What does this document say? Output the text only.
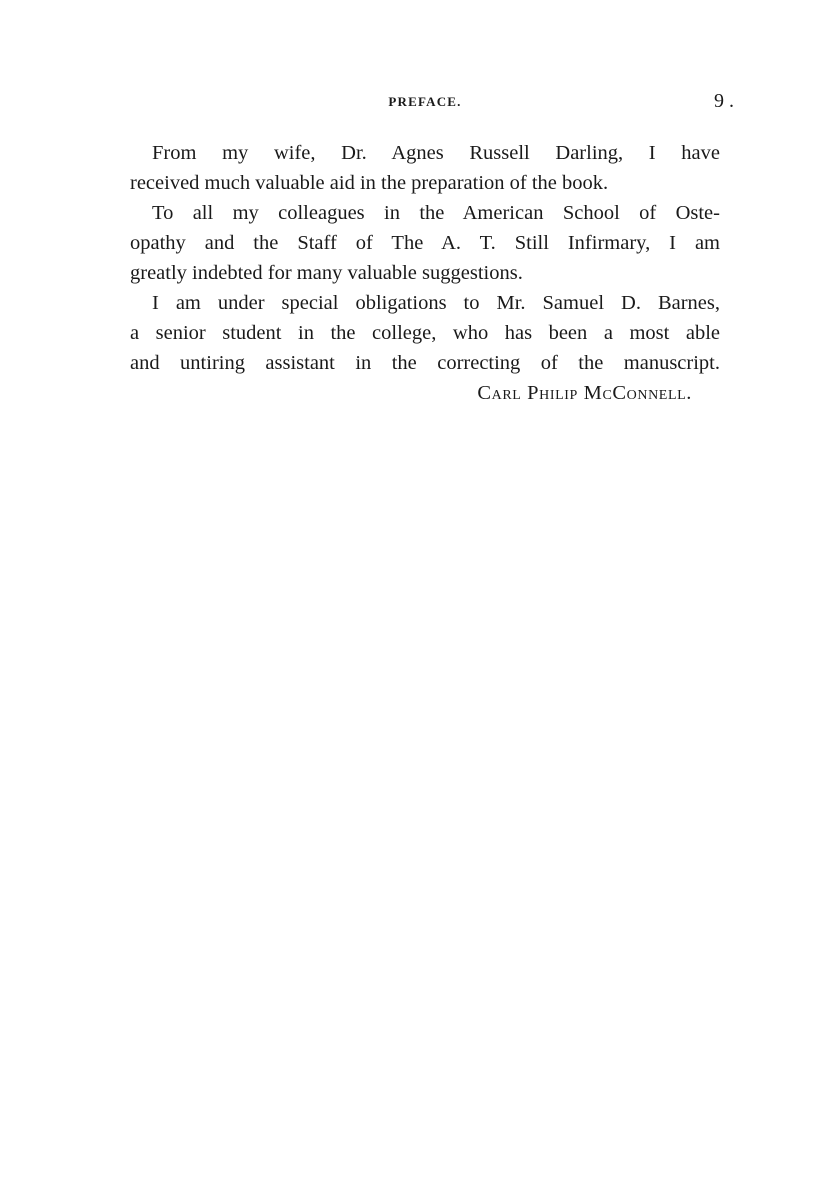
PREFACE.	9 .
From my wife, Dr. Agnes Russell Darling, I have
received much valuable aid in the preparation of the book.
To all my colleagues in the American School of Oste-
opathy and the Staff of The A. T. Still Infirmary, I am
greatly indebted for many valuable suggestions.
I am under special obligations to Mr. Samuel D. Barnes,
a senior student in the college, who has been a most able
and untiring assistant in the correcting of the manuscript.
Carl Philip McConnell.
